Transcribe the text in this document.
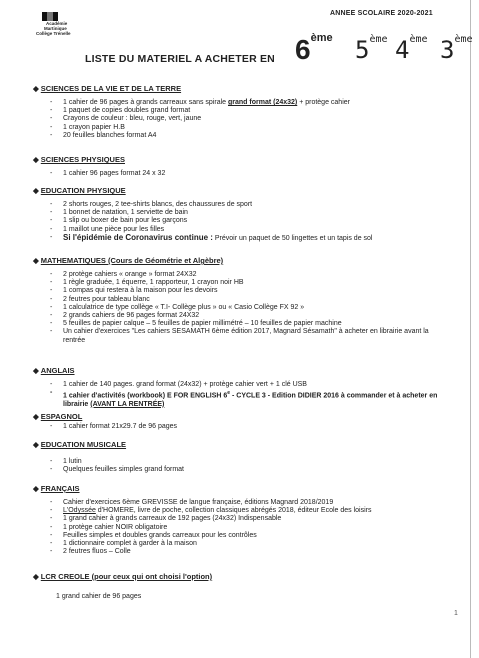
Académie
Martinique
Collège Trénelle
ANNEE SCOLAIRE 2020-2021
LISTE DU MATERIEL A ACHETER EN 6ème 5ème 4ème 3ème
◆ SCIENCES DE LA VIE ET DE LA TERRE
- 1 cahier de 96 pages à grands carreaux sans spirale grand format (24x32) + protège cahier
- 1 paquet de copies doubles grand format
- Crayons de couleur : bleu, rouge, vert, jaune
- 1 crayon papier H.B
- 20 feuilles blanches format A4
◆ SCIENCES PHYSIQUES
- 1 cahier 96 pages format 24 x 32
◆ EDUCATION PHYSIQUE
- 2 shorts rouges, 2 tee-shirts blancs, des chaussures de sport
- 1 bonnet de natation, 1 serviette de bain
- 1 slip ou boxer de bain pour les garçons
- 1 maillot une pièce pour les filles
- Si l'épidémie de Coronavirus continue : Prévoir un paquet de 50 lingettes et un tapis de sol
◆ MATHEMATIQUES (Cours de Géométrie et Algèbre)
- 2 protège cahiers « orange » format 24X32
- 1 règle graduée, 1 équerre, 1 rapporteur, 1 crayon noir HB
- 1 compas qui restera à la maison pour les devoirs
- 2 feutres pour tableau blanc
- 1 calculatrice de type collège « T.I- Collège plus » ou « Casio Collège FX 92 »
- 2 grands cahiers de 96 pages format 24X32
- 5 feuilles de papier calque – 5 feuilles de papier millimétré – 10 feuilles de papier machine
- Un cahier d'exercices "Les cahiers SESAMATH 6ème édition 2017, Magnard Sésamath" à acheter en librairie avant la rentrée
◆ ANGLAIS
- 1 cahier de 140 pages. grand format (24x32) + protège cahier vert + 1 clé USB
- 1 cahier d'activités (workbook) E FOR ENGLISH 6e - CYCLE 3 - Edition DIDIER 2016 à commander et à acheter en librairie (AVANT LA RENTRÉE)
◆ ESPAGNOL
- 1 cahier format 21x29.7 de 96 pages
◆ EDUCATION MUSICALE
- 1 lutin
- Quelques feuilles simples grand format
◆ FRANÇAIS
- Cahier d'exercices 6ème GREVISSE de langue française, éditions Magnard 2018/2019
- L'Odyssée d'HOMERE, livre de poche, collection classiques abrégés 2018, éditeur Ecole des loisirs
- 1 grand cahier à grands carreaux de 192 pages (24x32) Indispensable
- 1 protège cahier NOIR obligatoire
- Feuilles simples et doubles grands carreaux pour les contrôles
- 1 dictionnaire complet à garder à la maison
- 2 feutres fluos – Colle
◆ LCR CREOLE (pour ceux qui ont choisi l'option)
1 grand cahier de 96 pages
1
